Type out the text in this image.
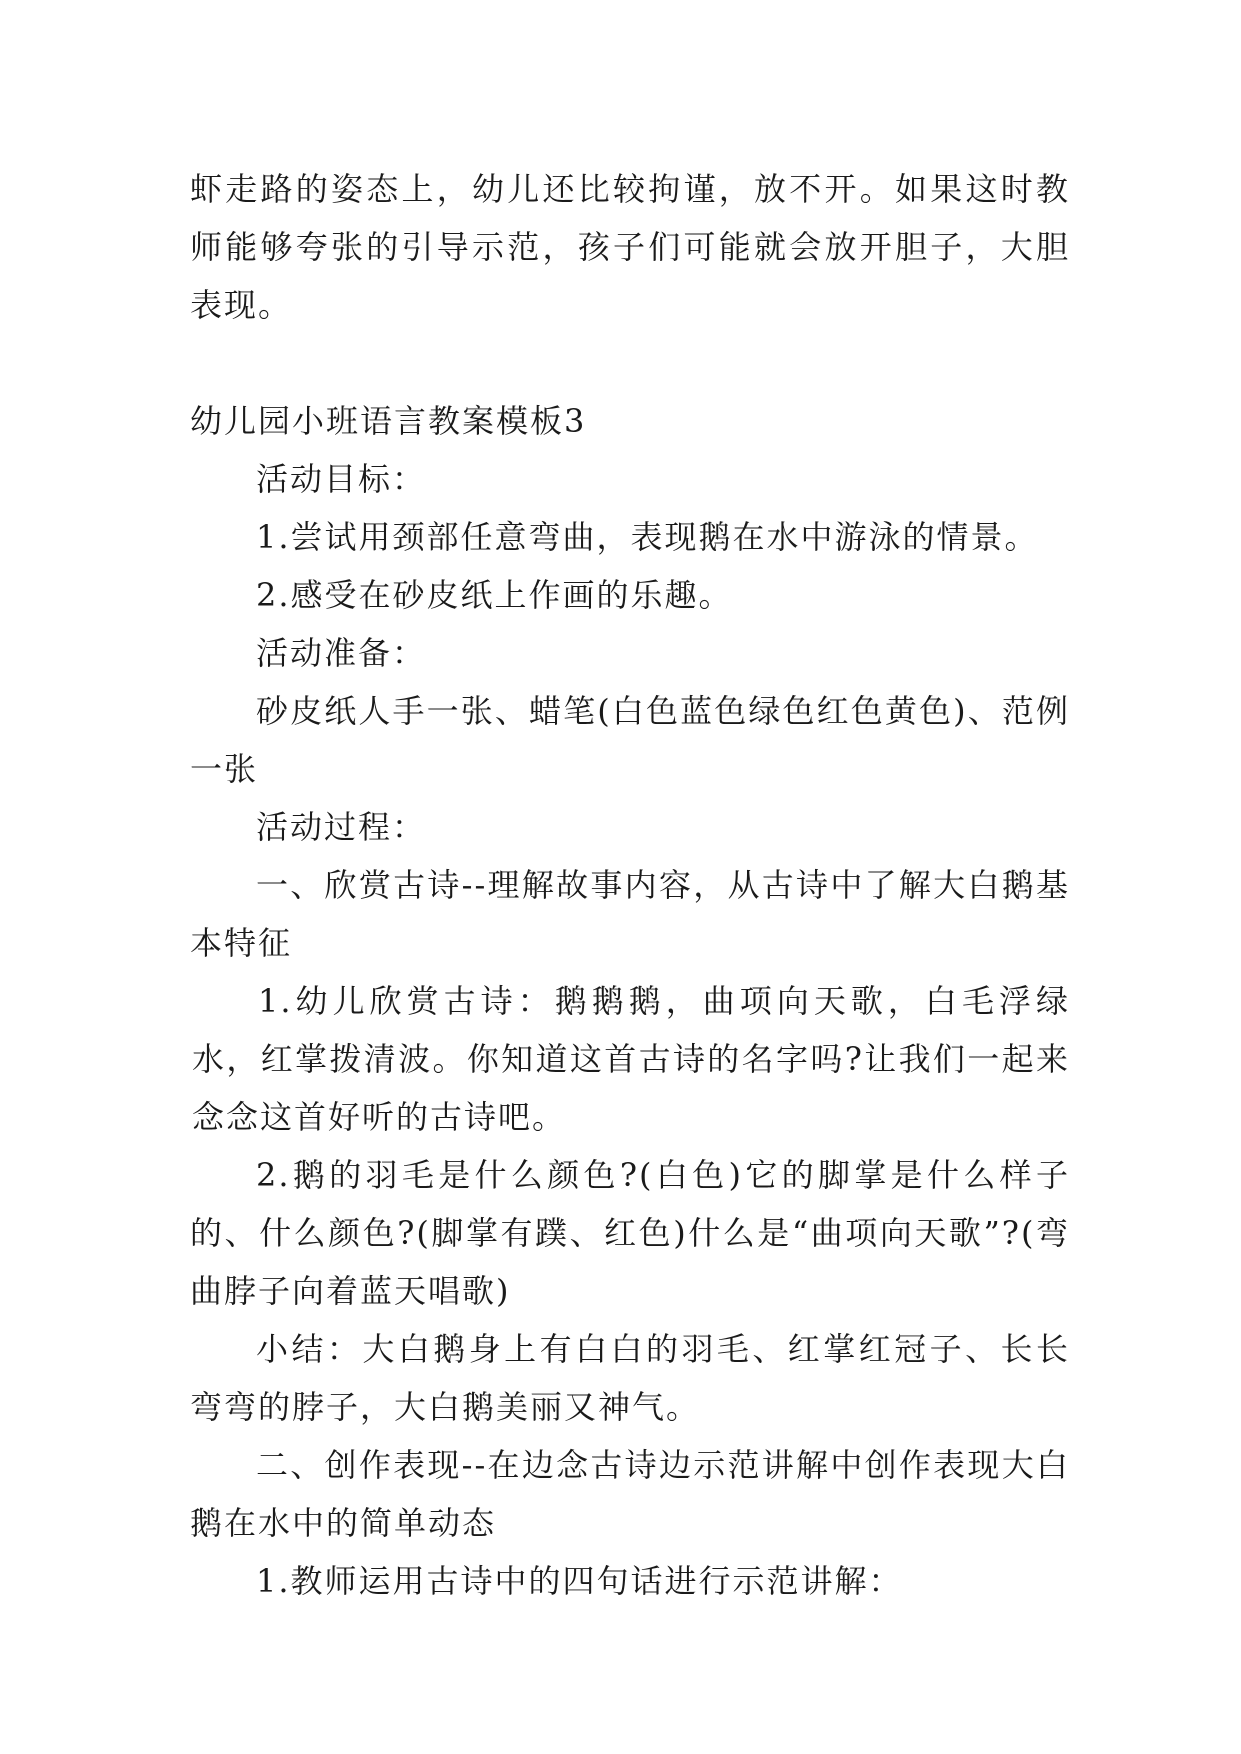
虾走路的姿态上，幼儿还比较拘谨，放不开。如果这时教师能够夸张的引导示范，孩子们可能就会放开胆子，大胆表现。

幼儿园小班语言教案模板3

活动目标：

1.尝试用颈部任意弯曲，表现鹅在水中游泳的情景。

2.感受在砂皮纸上作画的乐趣。

活动准备：

砂皮纸人手一张、蜡笔(白色蓝色绿色红色黄色)、范例一张

活动过程：

一、欣赏古诗--理解故事内容，从古诗中了解大白鹅基本特征

1.幼儿欣赏古诗：鹅鹅鹅，曲项向天歌，白毛浮绿水，红掌拨清波。你知道这首古诗的名字吗?让我们一起来念念这首好听的古诗吧。

2.鹅的羽毛是什么颜色?(白色)它的脚掌是什么样子的、什么颜色?(脚掌有蹼、红色)什么是“曲项向天歌”?(弯曲脖子向着蓝天唱歌)

小结：大白鹅身上有白白的羽毛、红掌红冠子、长长弯弯的脖子，大白鹅美丽又神气。

二、创作表现--在边念古诗边示范讲解中创作表现大白鹅在水中的简单动态

1.教师运用古诗中的四句话进行示范讲解：
